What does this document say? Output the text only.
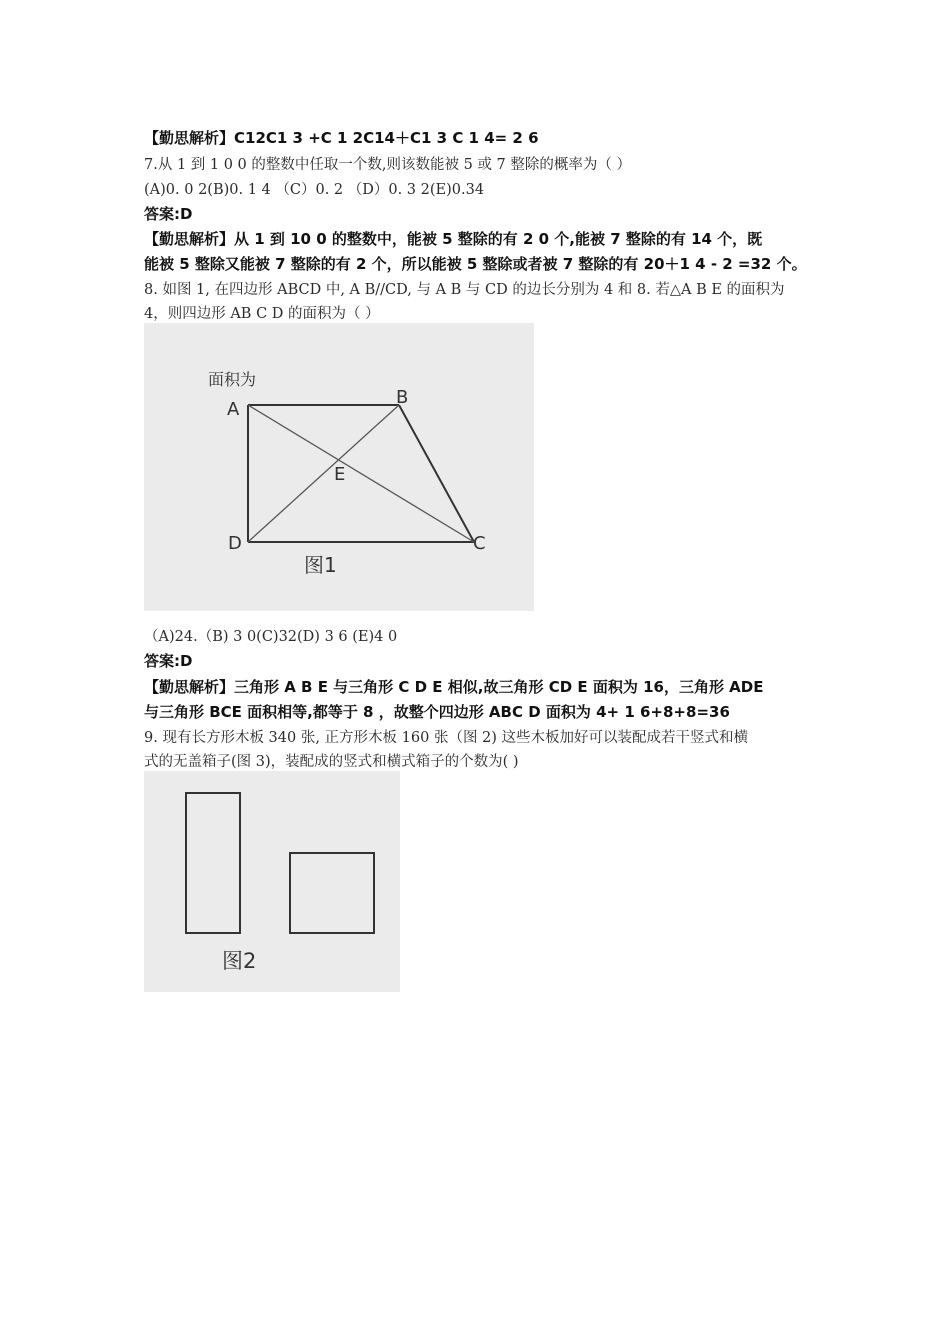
【勤思解析】C12C1 3 +C 1 2C14＋C1 3 C 1 4= 2 6
7.从 1 到 1 0 0 的整数中任取一个数,则该数能被 5 或 7 整除的概率为（ ）
(A)0. 0 2(B)0. 1 4 （C）0. 2 （D）0. 3 2(E)0.34
答案:D
【勤思解析】从 1 到 10 0 的整数中，能被 5 整除的有 2 0 个,能被 7 整除的有 14 个，既
能被 5 整除又能被 7 整除的有 2 个，所以能被 5 整除或者被 7 整除的有 20＋1 4 - 2 =32 个。
8. 如图 1, 在四边形 ABCD 中, A B//CD, 与 A B 与 CD 的边长分别为 4 和 8. 若△A B E 的面积为
4，则四边形 AB C D 的面积为（ ）
面积为
A
B
C
D
E
图1
（A)24.（B) 3 0(C)32(D) 3 6 (E)4 0
答案:D
【勤思解析】三角形 A B E 与三角形 C D E 相似,故三角形 CD E 面积为 16，三角形 ADE
与三角形 BCE 面积相等,都等于 8 ，故整个四边形 ABC D 面积为 4+ 1 6+8+8=36
9. 现有长方形木板 340 张, 正方形木板 160 张（图 2) 这些木板加好可以装配成若干竖式和横
式的无盖箱子(图 3)，装配成的竖式和横式箱子的个数为( )
图2
